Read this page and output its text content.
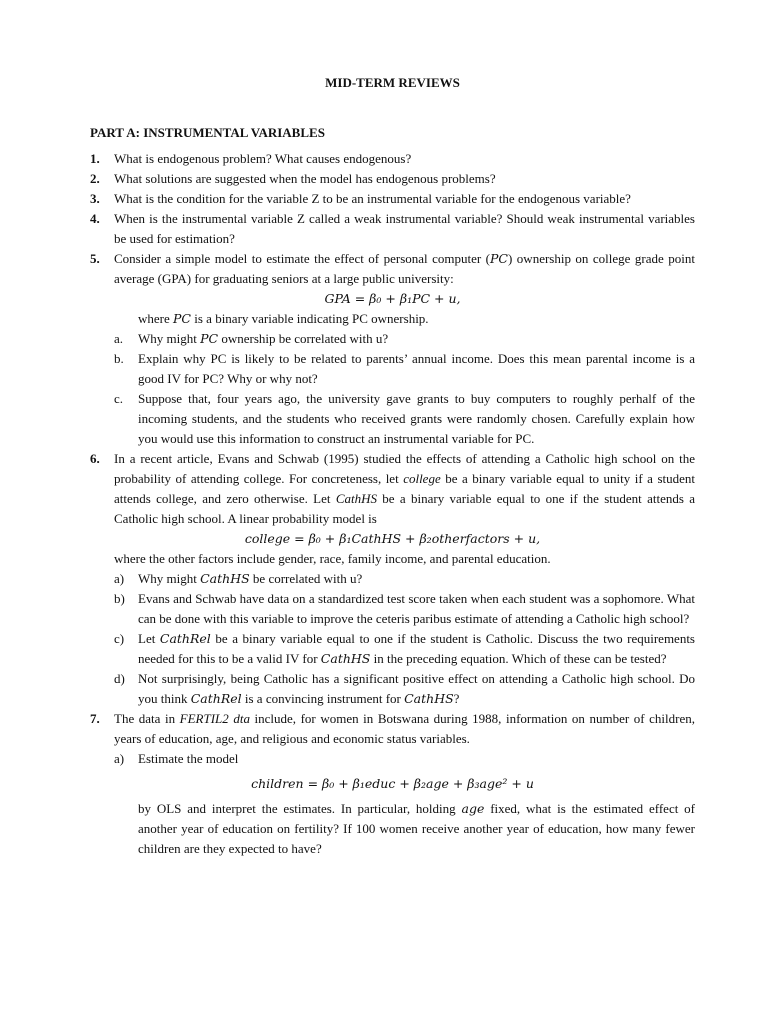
MID-TERM REVIEWS
PART A: INSTRUMENTAL VARIABLES
1. What is endogenous problem? What causes endogenous?
2. What solutions are suggested when the model has endogenous problems?
3. What is the condition for the variable Z to be an instrumental variable for the endogenous variable?
4. When is the instrumental variable Z called a weak instrumental variable? Should weak instrumental variables be used for estimation?
5. Consider a simple model to estimate the effect of personal computer (PC) ownership on college grade point average (GPA) for graduating seniors at a large public university:
GPA = β₀ + β₁PC + u,
where PC is a binary variable indicating PC ownership.
a. Why might PC ownership be correlated with u?
b. Explain why PC is likely to be related to parents’ annual income. Does this mean parental income is a good IV for PC? Why or why not?
c. Suppose that, four years ago, the university gave grants to buy computers to roughly perhalf of the incoming students, and the students who received grants were randomly chosen. Carefully explain how you would use this information to construct an instrumental variable for PC.
6. In a recent article, Evans and Schwab (1995) studied the effects of attending a Catholic high school on the probability of attending college. For concreteness, let college be a binary variable equal to unity if a student attends college, and zero otherwise. Let CathHS be a binary variable equal to one if the student attends a Catholic high school. A linear probability model is
college = β₀ + β₁CathHS + β₂otherfactors + u,
where the other factors include gender, race, family income, and parental education.
a) Why might CathHS be correlated with u?
b) Evans and Schwab have data on a standardized test score taken when each student was a sophomore. What can be done with this variable to improve the ceteris paribus estimate of attending a Catholic high school?
c) Let CathRel be a binary variable equal to one if the student is Catholic. Discuss the two requirements needed for this to be a valid IV for CathHS in the preceding equation. Which of these can be tested?
d) Not surprisingly, being Catholic has a significant positive effect on attending a Catholic high school. Do you think CathRel is a convincing instrument for CathHS?
7. The data in FERTIL2 dta include, for women in Botswana during 1988, information on number of children, years of education, age, and religious and economic status variables.
a) Estimate the model
children = β₀ + β₁educ + β₂age + β₃age² + u
by OLS and interpret the estimates. In particular, holding age fixed, what is the estimated effect of another year of education on fertility? If 100 women receive another year of education, how many fewer children are they expected to have?
